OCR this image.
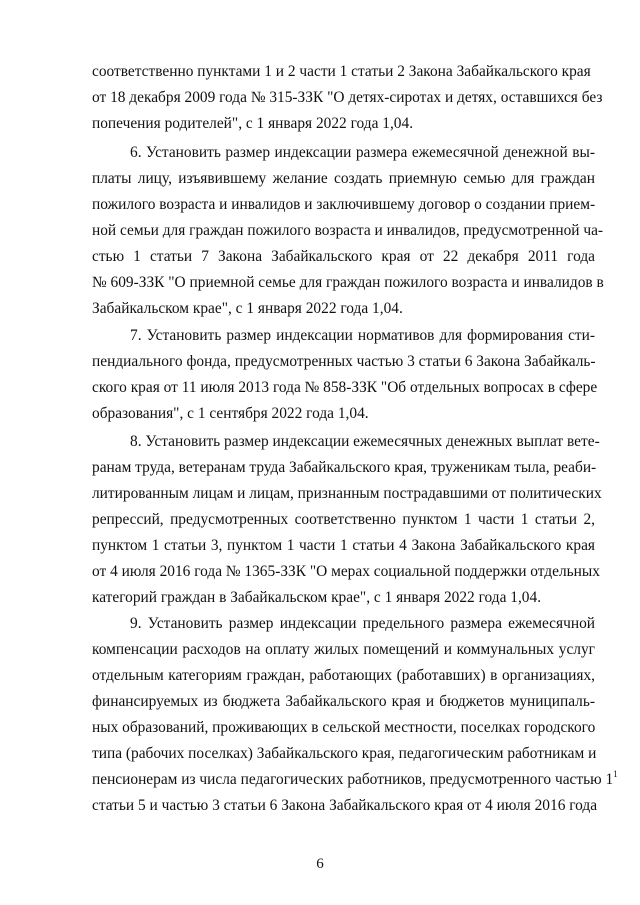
соответственно пунктами 1 и 2 части 1 статьи 2 Закона Забайкальского края
от 18 декабря 2009 года № 315-ЗЗК "О детях-сиротах и детях, оставшихся без
попечения родителей", с 1 января 2022 года 1,04.
6. Установить размер индексации размера ежемесячной денежной вы-
платы лицу, изъявившему желание создать приемную семью для граждан
пожилого возраста и инвалидов и заключившему договор о создании прием-
ной семьи для граждан пожилого возраста и инвалидов, предусмотренной ча-
стью 1 статьи 7 Закона Забайкальского края от 22 декабря 2011 года
№ 609-ЗЗК "О приемной семье для граждан пожилого возраста и инвалидов в
Забайкальском крае", с 1 января 2022 года 1,04.
7. Установить размер индексации нормативов для формирования сти-
пендиального фонда, предусмотренных частью 3 статьи 6 Закона Забайкаль-
ского края от 11 июля 2013 года № 858-ЗЗК "Об отдельных вопросах в сфере
образования", с 1 сентября 2022 года 1,04.
8. Установить размер индексации ежемесячных денежных выплат вете-
ранам труда, ветеранам труда Забайкальского края, труженикам тыла, реаби-
литированным лицам и лицам, признанным пострадавшими от политических
репрессий, предусмотренных соответственно пунктом 1 части 1 статьи 2,
пунктом 1 статьи 3, пунктом 1 части 1 статьи 4 Закона Забайкальского края
от 4 июля 2016 года № 1365-ЗЗК "О мерах социальной поддержки отдельных
категорий граждан в Забайкальском крае", с 1 января 2022 года 1,04.
9. Установить размер индексации предельного размера ежемесячной
компенсации расходов на оплату жилых помещений и коммунальных услуг
отдельным категориям граждан, работающих (работавших) в организациях,
финансируемых из бюджета Забайкальского края и бюджетов муниципаль-
ных образований, проживающих в сельской местности, поселках городского
типа (рабочих поселках) Забайкальского края, педагогическим работникам и
пенсионерам из числа педагогических работников, предусмотренного частью $1^1$
статьи 5 и частью 3 статьи 6 Закона Забайкальского края от 4 июля 2016 года
6
